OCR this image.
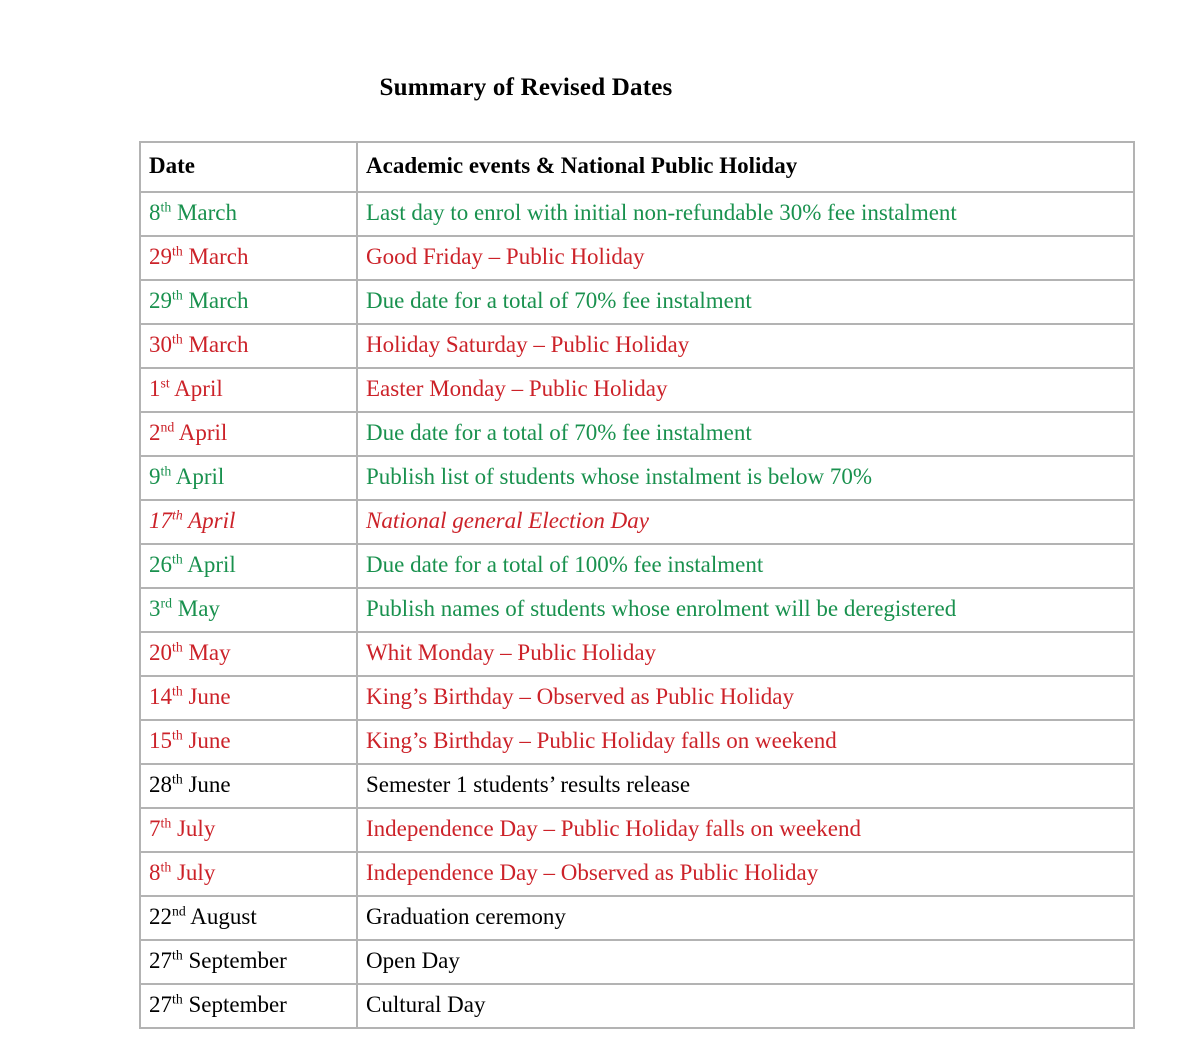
Summary of Revised Dates
Date	Academic events & National Public Holiday
8th March	Last day to enrol with initial non-refundable 30% fee instalment
29th March	Good Friday – Public Holiday
29th March	Due date for a total of 70% fee instalment
30th March	Holiday Saturday – Public Holiday
1st April	Easter Monday – Public Holiday
2nd April	Due date for a total of 70% fee instalment
9th April	Publish list of students whose instalment is below 70%
17th April	National general Election Day
26th April	Due date for a total of 100% fee instalment
3rd May	Publish names of students whose enrolment will be deregistered
20th May	Whit Monday – Public Holiday
14th June	King’s Birthday – Observed as Public Holiday
15th June	King’s Birthday – Public Holiday falls on weekend
28th June	Semester 1 students’ results release
7th July	Independence Day – Public Holiday falls on weekend
8th July	Independence Day – Observed as Public Holiday
22nd August	Graduation ceremony
27th September	Open Day
27th September	Cultural Day
